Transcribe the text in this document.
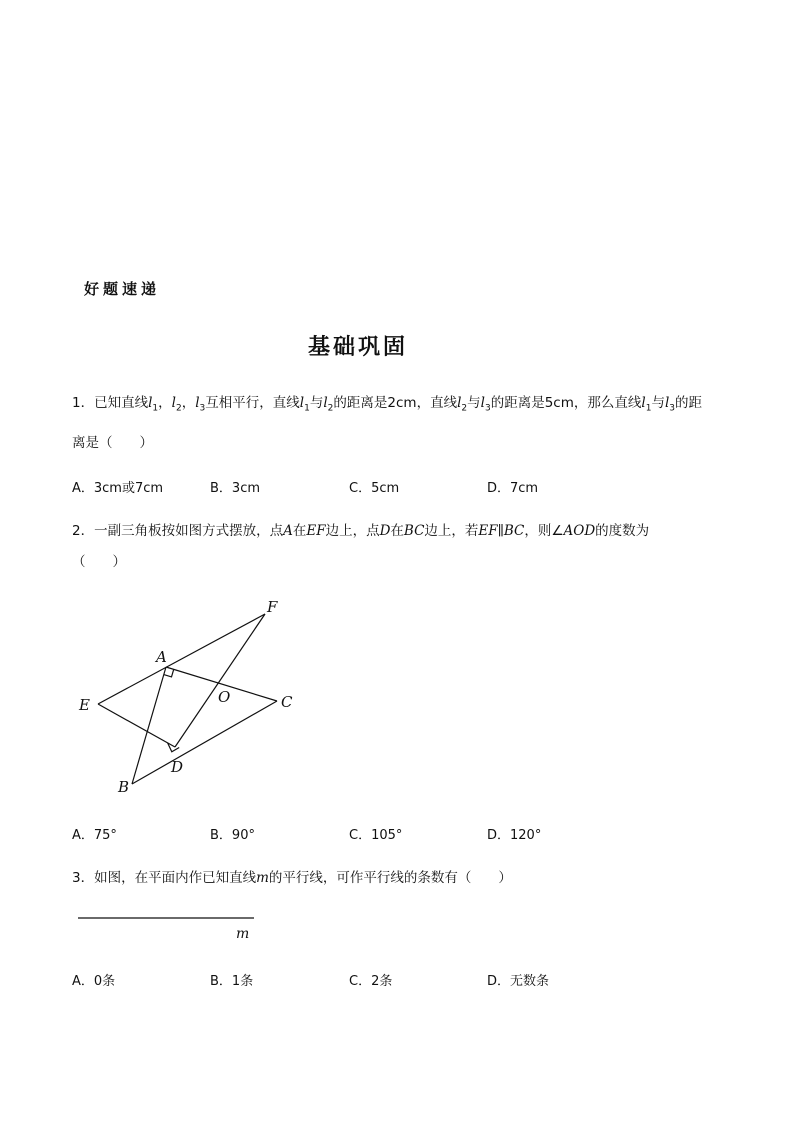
好题速递
基础巩固
1．已知直线$l_1$，$l_2$，$l_3$互相平行，直线$l_1$与$l_2$的距离是2cm，直线$l_2$与$l_3$的距离是5cm，那么直线$l_1$与$l_3$的距
离是（　　）
A．3cm或7cm	B．3cm	C．5cm	D．7cm
2．一副三角板按如图方式摆放，点A在EF边上，点D在BC边上，若EF∥BC，则∠AOD的度数为
（　　）
F
A
E	O	C
D
B
A．75°	B．90°	C．105°	D．120°
3．如图，在平面内作已知直线m的平行线，可作平行线的条数有（　　）
m
A．0条	B．1条	C．2条	D．无数条
